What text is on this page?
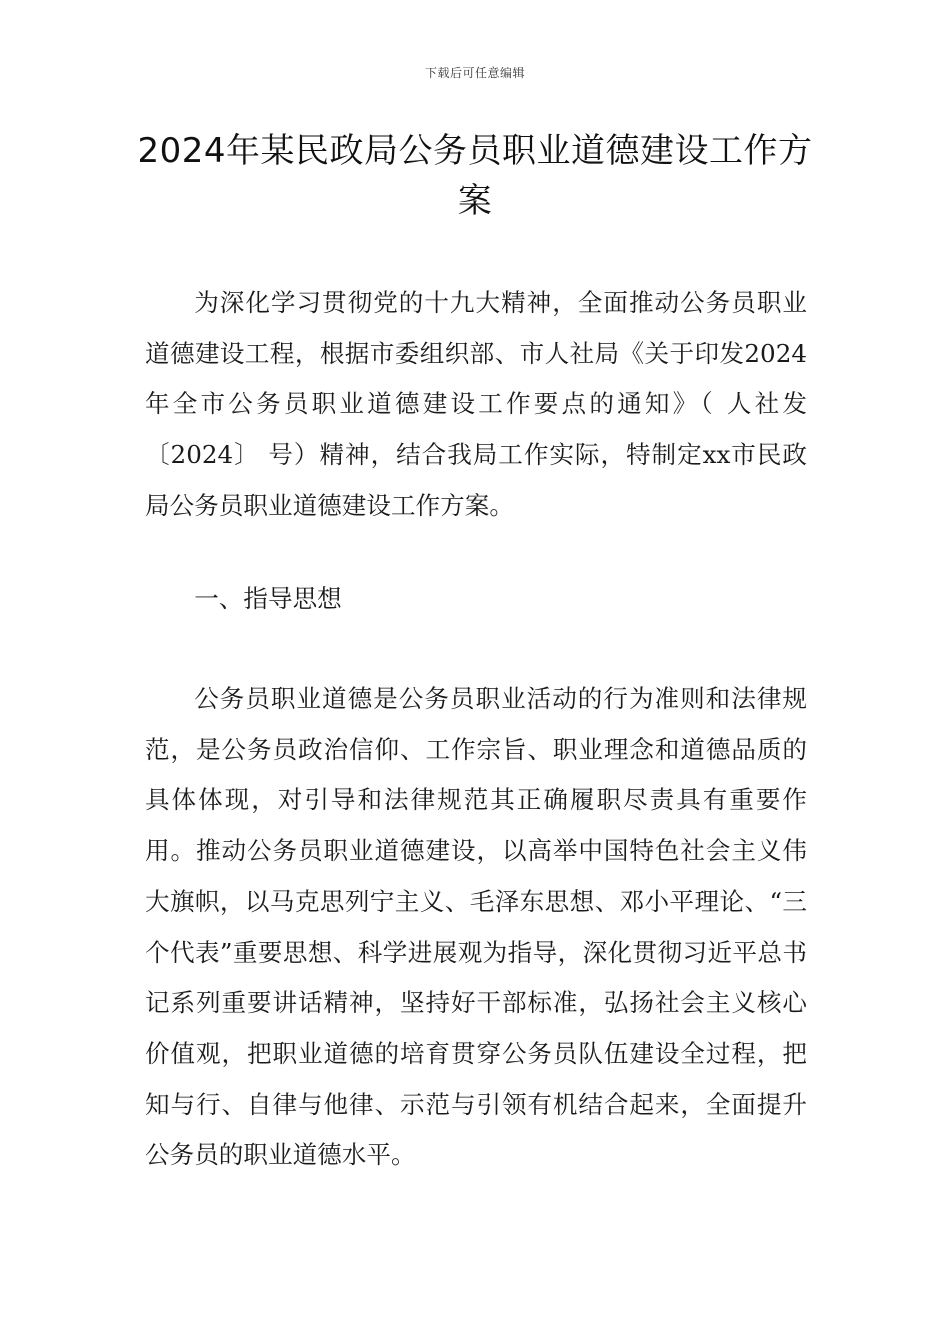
下载后可任意编辑
2024年某民政局公务员职业道德建设工作方案

为深化学习贯彻党的十九大精神，全面推动公务员职业道德建设工程，根据市委组织部、市人社局《关于印发2024年全市公务员职业道德建设工作要点的通知》（ 人社发〔2024〕 号）精神，结合我局工作实际，特制定xx市民政局公务员职业道德建设工作方案。

一、指导思想

公务员职业道德是公务员职业活动的行为准则和法律规范，是公务员政治信仰、工作宗旨、职业理念和道德品质的具体体现，对引导和法律规范其正确履职尽责具有重要作用。推动公务员职业道德建设，以高举中国特色社会主义伟大旗帜，以马克思列宁主义、毛泽东思想、邓小平理论、“三个代表”重要思想、科学进展观为指导，深化贯彻习近平总书记系列重要讲话精神，坚持好干部标准，弘扬社会主义核心价值观，把职业道德的培育贯穿公务员队伍建设全过程，把知与行、自律与他律、示范与引领有机结合起来，全面提升公务员的职业道德水平。
